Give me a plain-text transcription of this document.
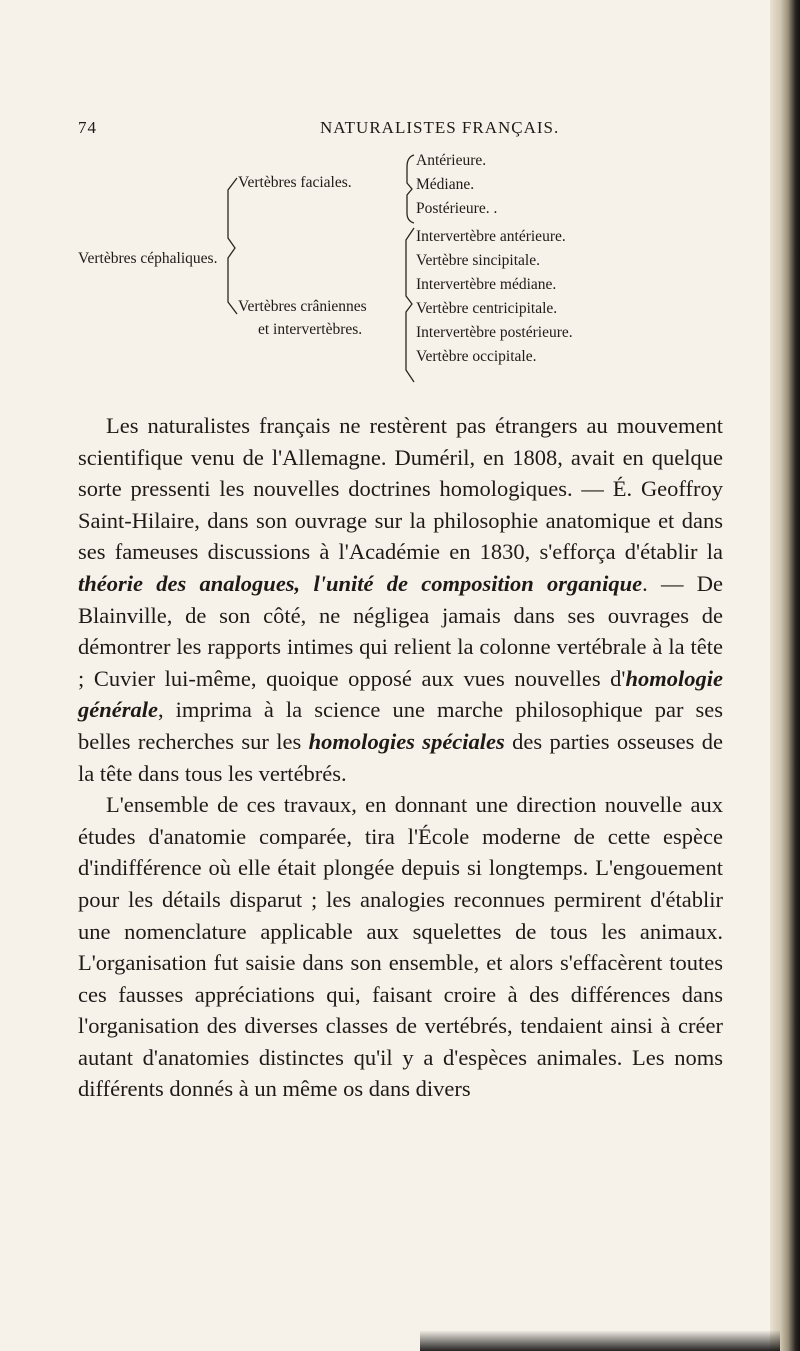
74	NATURALISTES FRANÇAIS.
Vertèbres céphaliques.
Vertèbres faciales.
Antérieure.
Médiane.
Postérieure. .
Vertèbres crâniennes
et intervertèbres.
Intervertèbre antérieure.
Vertèbre sincipitale.
Intervertèbre médiane.
Vertèbre centricipitale.
Intervertèbre postérieure.
Vertèbre occipitale.

Les naturalistes français ne restèrent pas étrangers au mouvement scientifique venu de l'Allemagne. Duméril, en 1808, avait en quelque sorte pressenti les nouvelles doctrines homologiques. — É. Geoffroy Saint-Hilaire, dans son ouvrage sur la philosophie anatomique et dans ses fameuses discussions à l'Académie en 1830, s'efforça d'établir la théorie des analogues, l'unité de composition organique. — De Blainville, de son côté, ne négligea jamais dans ses ouvrages de démontrer les rapports intimes qui relient la colonne vertébrale à la tête ; Cuvier lui-même, quoique opposé aux vues nouvelles d'homologie générale, imprima à la science une marche philosophique par ses belles recherches sur les homologies spéciales des parties osseuses de la tête dans tous les vertébrés.

L'ensemble de ces travaux, en donnant une direction nouvelle aux études d'anatomie comparée, tira l'École moderne de cette espèce d'indifférence où elle était plongée depuis si longtemps. L'engouement pour les détails disparut ; les analogies reconnues permirent d'établir une nomenclature applicable aux squelettes de tous les animaux. L'organisation fut saisie dans son ensemble, et alors s'effacèrent toutes ces fausses appréciations qui, faisant croire à des différences dans l'organisation des diverses classes de vertébrés, tendaient ainsi à créer autant d'anatomies distinctes qu'il y a d'espèces animales. Les noms différents donnés à un même os dans divers
